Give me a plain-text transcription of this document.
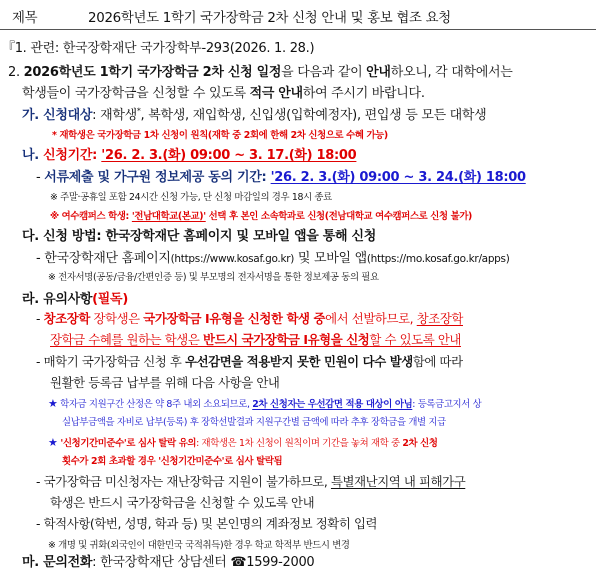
제목	2026학년도 1학기 국가장학금 2차 신청 안내 및 홍보 협조 요청
『1. 관련: 한국장학재단 국가장학부-293(2026. 1. 28.)
2. 2026학년도 1학기 국가장학금 2차 신청 일정을 다음과 같이 안내하오니, 각 대학에서는
학생들이 국가장학금을 신청할 수 있도록 적극 안내하여 주시기 바랍니다.
가. 신청대상: 재학생*, 복학생, 재입학생, 신입생(입학예정자), 편입생 등 모든 대학생
* 재학생은 국가장학금 1차 신청이 원칙(재학 중 2회에 한해 2차 신청으로 수혜 가능)
나. 신청기간: '26. 2. 3.(화) 09:00 ~ 3. 17.(화) 18:00
- 서류제출 및 가구원 정보제공 동의 기간: '26. 2. 3.(화) 09:00 ~ 3. 24.(화) 18:00
※ 주말·공휴일 포함 24시간 신청 가능, 단 신청 마감일의 경우 18시 종료
※ 여수캠퍼스 학생: '전남대학교(본교)' 선택 후 본인 소속학과로 신청(전남대학교 여수캠퍼스로 신청 불가)
다. 신청 방법: 한국장학재단 홈페이지 및 모바일 앱을 통해 신청
- 한국장학재단 홈페이지(https://www.kosaf.go.kr) 및 모바일 앱(https://mo.kosaf.go.kr/apps)
※ 전자서명(공동/금융/간편인증 등) 및 부모명의 전자서명을 통한 정보제공 동의 필요
라. 유의사항(필독)
- 창조장학 장학생은 국가장학금 Ⅰ유형을 신청한 학생 중에서 선발하므로, 창조장학
장학금 수혜를 원하는 학생은 반드시 국가장학금 Ⅰ유형을 신청할 수 있도록 안내
- 매학기 국가장학금 신청 후 우선감면을 적용받지 못한 민원이 다수 발생함에 따라
원활한 등록금 납부를 위해 다음 사항을 안내
★ 학자금 지원구간 산정은 약 8주 내외 소요되므로, 2차 신청자는 우선감면 적용 대상이 아님: 등록금고지서 상
실납부금액을 자비로 납부(등록) 후 장학선발결과 지원구간별 금액에 따라 추후 장학금을 개별 지급
★ '신청기간미준수'로 심사 탈락 유의: 재학생은 1차 신청이 원칙이며 기간을 놓쳐 재학 중 2차 신청
횟수가 2회 초과할 경우 '신청기간미준수'로 심사 탈락됨
- 국가장학금 미신청자는 재난장학금 지원이 불가하므로, 특별재난지역 내 피해가구
학생은 반드시 국가장학금을 신청할 수 있도록 안내
- 학적사항(학번, 성명, 학과 등) 및 본인명의 계좌정보 정확히 입력
※ 개명 및 귀화(외국인이 대한민국 국적취득)한 경우 학교 학적부 반드시 변경
마. 문의전화: 한국장학재단 상담센터 ☎1599-2000
